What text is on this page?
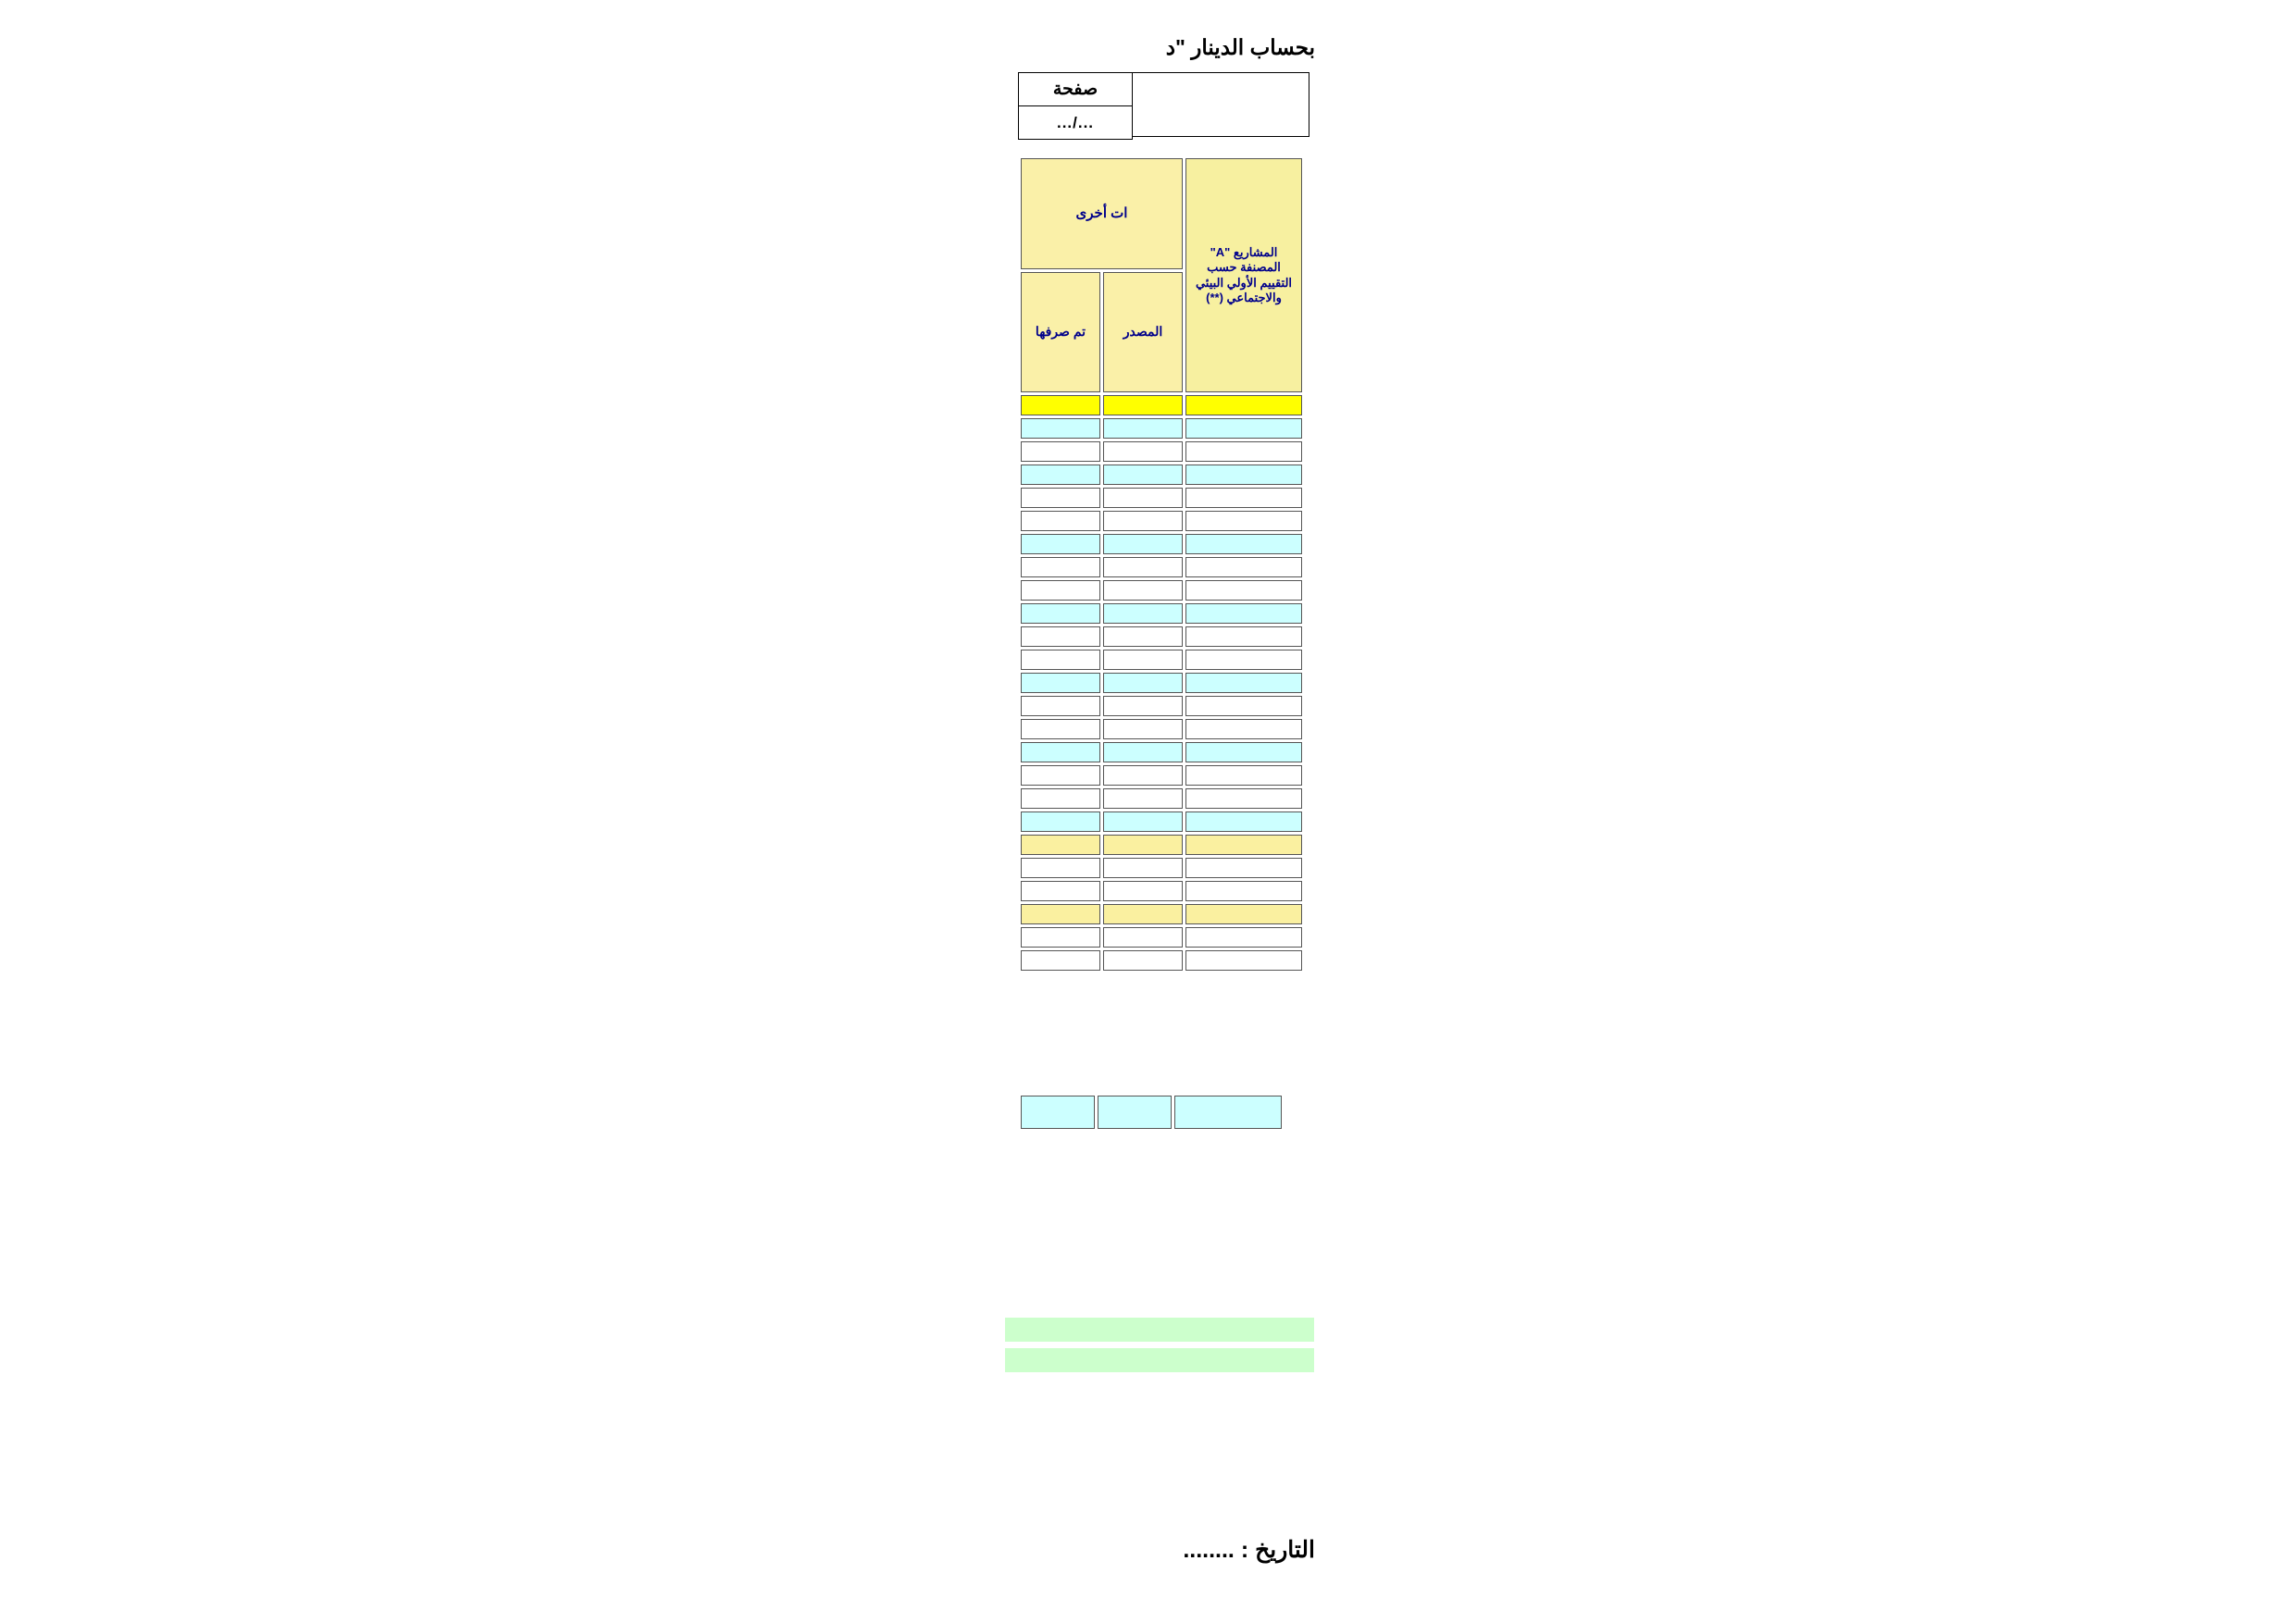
بحساب الدينار "د
صفحة
.../...
المشاريع "A" المصنفة حسب التقييم الأولي البيئي والاجتماعي (**)	ات أخرى	
	المصدر	تم صرفها

التاريخ : ........
